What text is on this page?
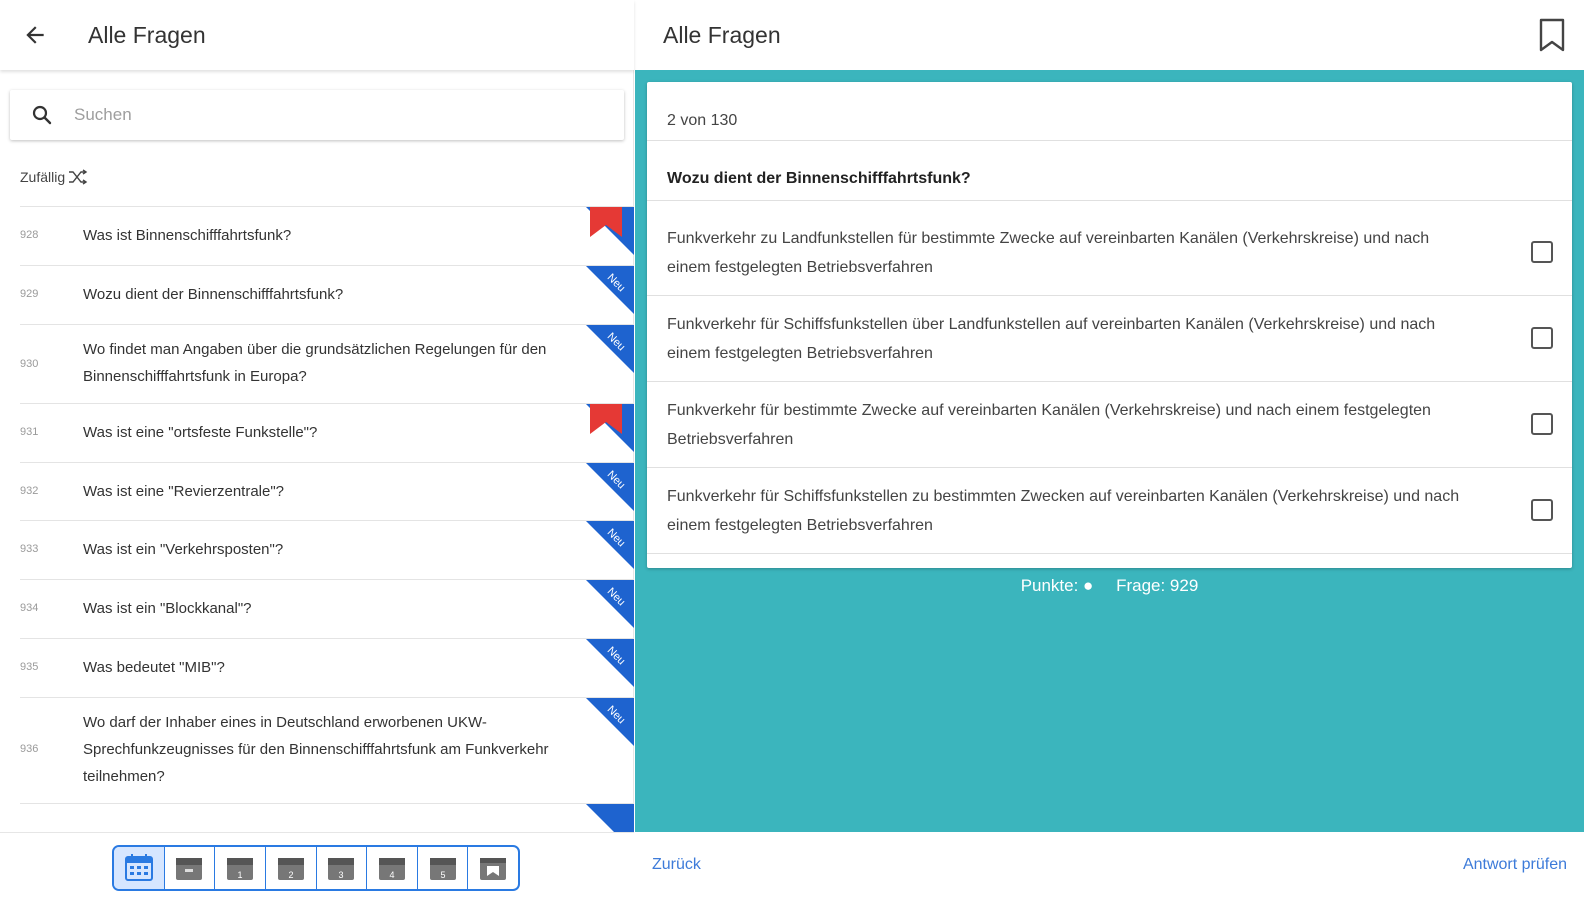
Alle Fragen
Suchen
Zufällig
928	Was ist Binnenschifffahrtsfunk?
929	Wozu dient der Binnenschifffahrtsfunk?
Neu
930
Wo findet man Angaben über die grundsätzlichen Regelungen für den Binnenschifffahrtsfunk in Europa?
Neu
931	Was ist eine "ortsfeste Funkstelle"?
932	Was ist eine "Revierzentrale"?
Neu
933	Was ist ein "Verkehrsposten"?
Neu
934	Was ist ein "Blockkanal"?
Neu
935	Was bedeutet "MIB"?
Neu
936
Wo darf der Inhaber eines in Deutschland erworbenen UKW-Sprechfunkzeugnisses für den Binnenschifffahrtsfunk am Funkverkehr teilnehmen?
Neu
1	2	3	4	5
Alle Fragen
2 von 130
Wozu dient der Binnenschifffahrtsfunk?
Funkverkehr zu Landfunkstellen für bestimmte Zwecke auf vereinbarten Kanälen (Verkehrskreise) und nach einem festgelegten Betriebsverfahren
Funkverkehr für Schiffsfunkstellen über Landfunkstellen auf vereinbarten Kanälen (Verkehrskreise) und nach einem festgelegten Betriebsverfahren
Funkverkehr für bestimmte Zwecke auf vereinbarten Kanälen (Verkehrskreise) und nach einem festgelegten Betriebsverfahren
Funkverkehr für Schiffsfunkstellen zu bestimmten Zwecken auf vereinbarten Kanälen (Verkehrskreise) und nach einem festgelegten Betriebsverfahren
Punkte: ● Frage: 929
Zurück	Antwort prüfen
